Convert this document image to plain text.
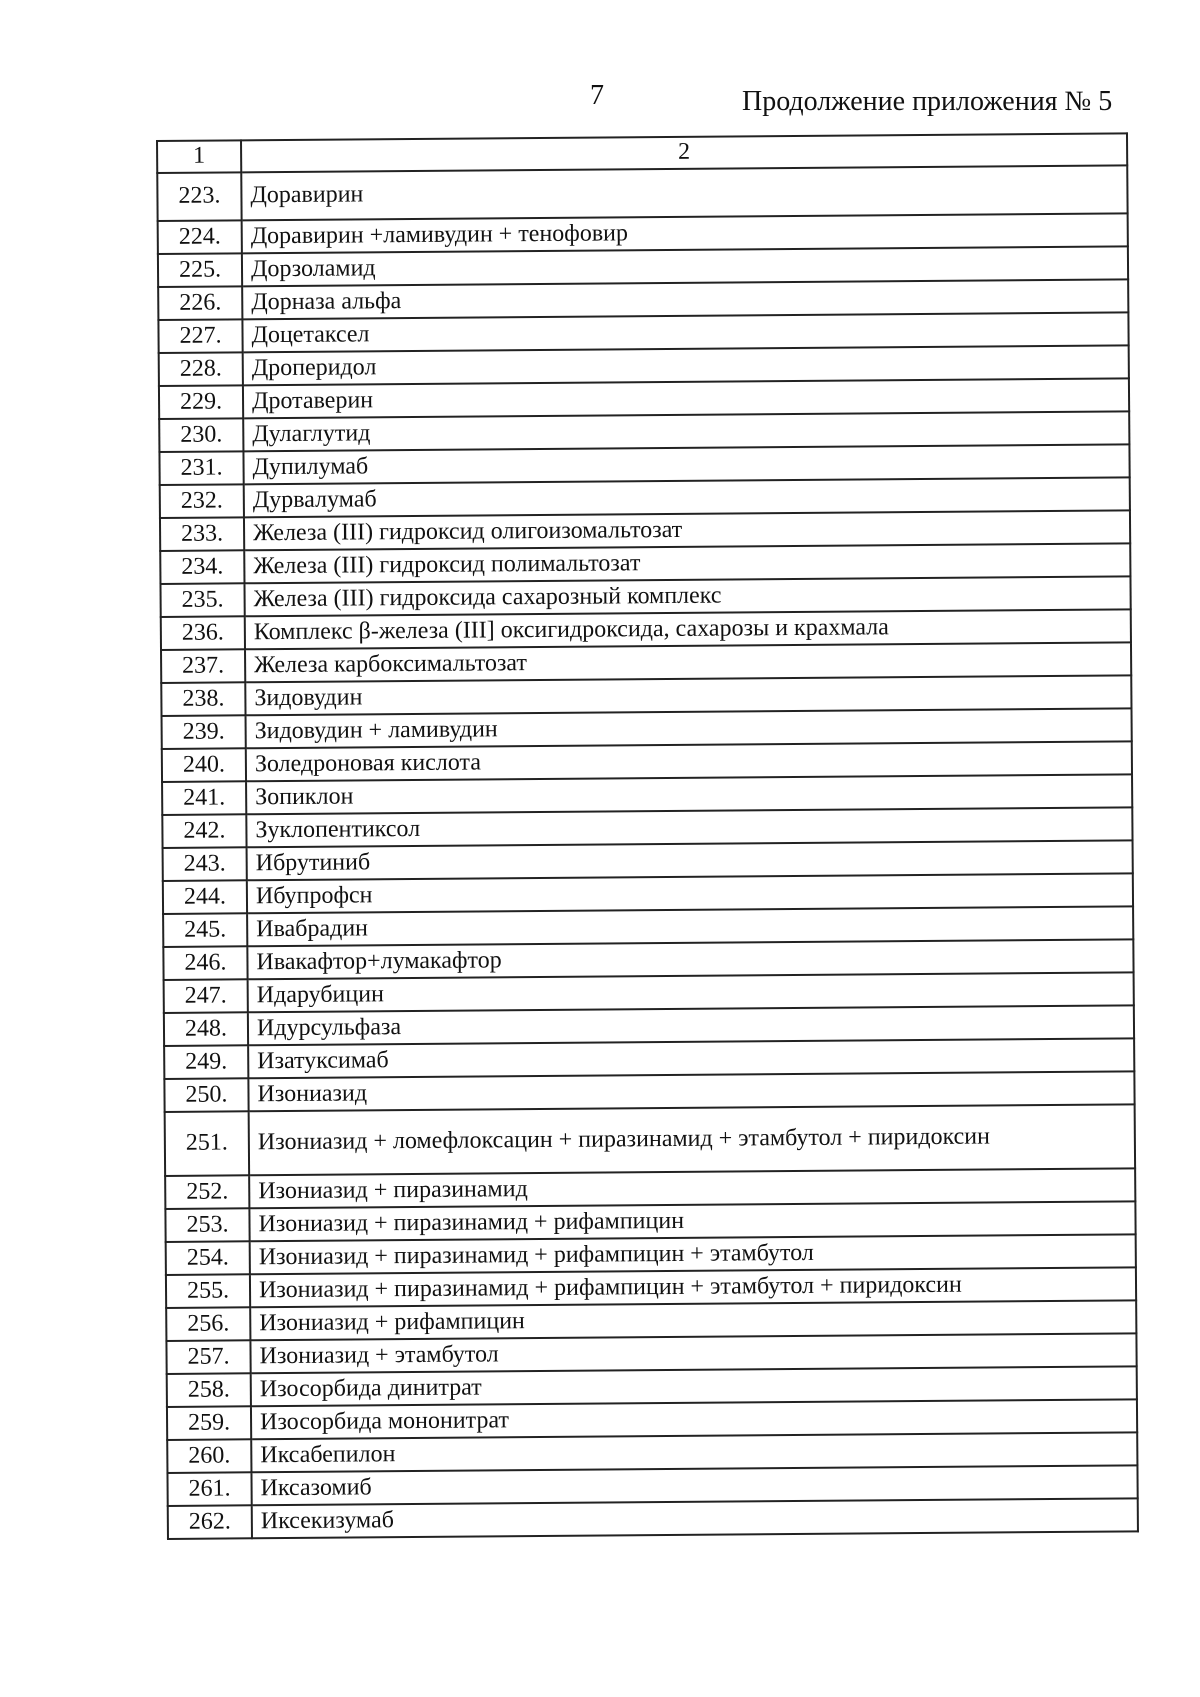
7	Продолжение приложения № 5
1	2
223.	Доравирин
224.	Доравирин +ламивудин + тенофовир
225.	Дорзоламид
226.	Дорназа альфа
227.	Доцетаксел
228.	Дроперидол
229.	Дротаверин
230.	Дулаглутид
231.	Дупилумаб
232.	Дурвалумаб
233.	Железа (III) гидроксид олигоизомальтозат
234.	Железа (III) гидроксид полимальтозат
235.	Железа (III) гидроксида сахарозный комплекс
236.	Комплекс β-железа (III] оксигидроксида, сахарозы и крахмала
237.	Железа карбоксимальтозат
238.	Зидовудин
239.	Зидовудин + ламивудин
240.	Золедроновая кислота
241.	Зопиклон
242.	Зуклопентиксол
243.	Ибрутиниб
244.	Ибупрофсн
245.	Ивабрадин
246.	Ивакафтор+лумакафтор
247.	Идарубицин
248.	Идурсульфаза
249.	Изатуксимаб
250.	Изониазид
251.	Изониазид + ломефлоксацин + пиразинамид + этамбутол + пиридоксин
252.	Изониазид + пиразинамид
253.	Изониазид + пиразинамид + рифампицин
254.	Изониазид + пиразинамид + рифампицин + этамбутол
255.	Изониазид + пиразинамид + рифампицин + этамбутол + пиридоксин
256.	Изониазид + рифампицин
257.	Изониазид + этамбутол
258.	Изосорбида динитрат
259.	Изосорбида мононитрат
260.	Иксабепилон
261.	Иксазомиб
262.	Иксекизумаб
